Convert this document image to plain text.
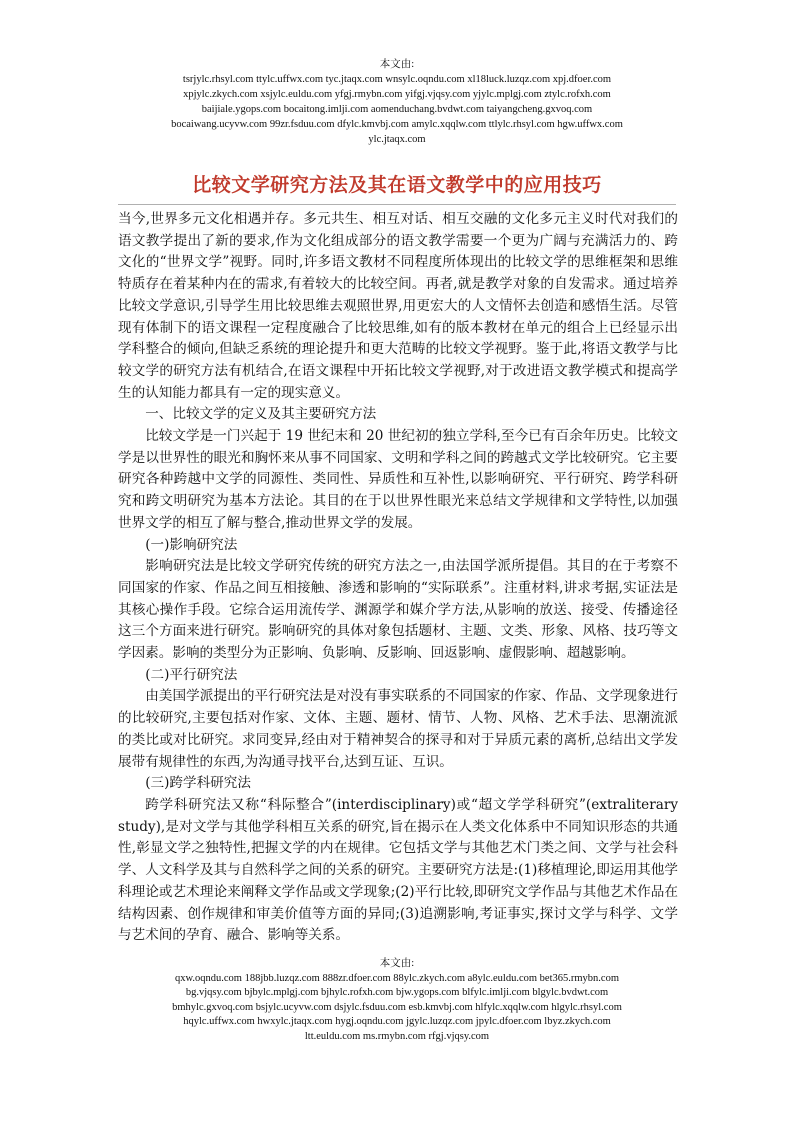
本文由:
tsrjylc.rhsyl.com ttylc.uffwx.com tyc.jtaqx.com wnsylc.oqndu.com xl18luck.luzqz.com xpj.dfoer.com
xpjylc.zkych.com xsjylc.euldu.com yfgj.rmybn.com yifgj.vjqsy.com yjylc.mplgj.com ztylc.rofxh.com
baijiale.ygops.com bocaitong.imlji.com aomenduchang.bvdwt.com taiyangcheng.gxvoq.com
bocaiwang.ucyvw.com 99zr.fsduu.com dfylc.kmvbj.com amylc.xqqlw.com ttlylc.rhsyl.com hgw.uffwx.com
ylc.jtaqx.com
比较文学研究方法及其在语文教学中的应用技巧

当今,世界多元文化相遇并存。多元共生、相互对话、相互交融的文化多元主义时代对我们的语文教学提出了新的要求,作为文化组成部分的语文教学需要一个更为广阔与充满活力的、跨文化的“世界文学”视野。同时,许多语文教材不同程度所体现出的比较文学的思维框架和思维特质存在着某种内在的需求,有着较大的比较空间。再者,就是教学对象的自发需求。通过培养比较文学意识,引导学生用比较思维去观照世界,用更宏大的人文情怀去创造和感悟生活。尽管现有体制下的语文课程一定程度融合了比较思维,如有的版本教材在单元的组合上已经显示出学科整合的倾向,但缺乏系统的理论提升和更大范畴的比较文学视野。鉴于此,将语文教学与比较文学的研究方法有机结合,在语文课程中开拓比较文学视野,对于改进语文教学模式和提高学生的认知能力都具有一定的现实意义。

一、比较文学的定义及其主要研究方法

比较文学是一门兴起于 19 世纪末和 20 世纪初的独立学科,至今已有百余年历史。比较文学是以世界性的眼光和胸怀来从事不同国家、文明和学科之间的跨越式文学比较研究。它主要研究各种跨越中文学的同源性、类同性、异质性和互补性,以影响研究、平行研究、跨学科研究和跨文明研究为基本方法论。其目的在于以世界性眼光来总结文学规律和文学特性,以加强世界文学的相互了解与整合,推动世界文学的发展。

(一)影响研究法

影响研究法是比较文学研究传统的研究方法之一,由法国学派所提倡。其目的在于考察不同国家的作家、作品之间互相接触、渗透和影响的“实际联系”。注重材料,讲求考据,实证法是其核心操作手段。它综合运用流传学、渊源学和媒介学方法,从影响的放送、接受、传播途径这三个方面来进行研究。影响研究的具体对象包括题材、主题、文类、形象、风格、技巧等文学因素。影响的类型分为正影响、负影响、反影响、回返影响、虚假影响、超越影响。

(二)平行研究法

由美国学派提出的平行研究法是对没有事实联系的不同国家的作家、作品、文学现象进行的比较研究,主要包括对作家、文体、主题、题材、情节、人物、风格、艺术手法、思潮流派的类比或对比研究。求同变异,经由对于精神契合的探寻和对于异质元素的离析,总结出文学发展带有规律性的东西,为沟通寻找平台,达到互证、互识。

(三)跨学科研究法

跨学科研究法又称“科际整合”(interdisciplinary)或“超文学学科研究”(extraliterary study),是对文学与其他学科相互关系的研究,旨在揭示在人类文化体系中不同知识形态的共通性,彰显文学之独特性,把握文学的内在规律。它包括文学与其他艺术门类之间、文学与社会科学、人文科学及其与自然科学之间的关系的研究。主要研究方法是:(1)移植理论,即运用其他学科理论或艺术理论来阐释文学作品或文学现象;(2)平行比较,即研究文学作品与其他艺术作品在结构因素、创作规律和审美价值等方面的异同;(3)追溯影响,考证事实,探讨文学与科学、文学与艺术间的孕育、融合、影响等关系。

本文由:
qxw.oqndu.com 188jbb.luzqz.com 888zr.dfoer.com 88ylc.zkych.com a8ylc.euldu.com bet365.rmybn.com
bg.vjqsy.com bjbylc.mplgj.com bjhylc.rofxh.com bjw.ygops.com blfylc.imlji.com blgylc.bvdwt.com
bmhylc.gxvoq.com bsjylc.ucyvw.com dsjylc.fsduu.com esb.kmvbj.com hlfylc.xqqlw.com hlgylc.rhsyl.com
hqylc.uffwx.com hwxylc.jtaqx.com hygj.oqndu.com jgylc.luzqz.com jpylc.dfoer.com lbyz.zkych.com
ltt.euldu.com ms.rmybn.com rfgj.vjqsy.com
